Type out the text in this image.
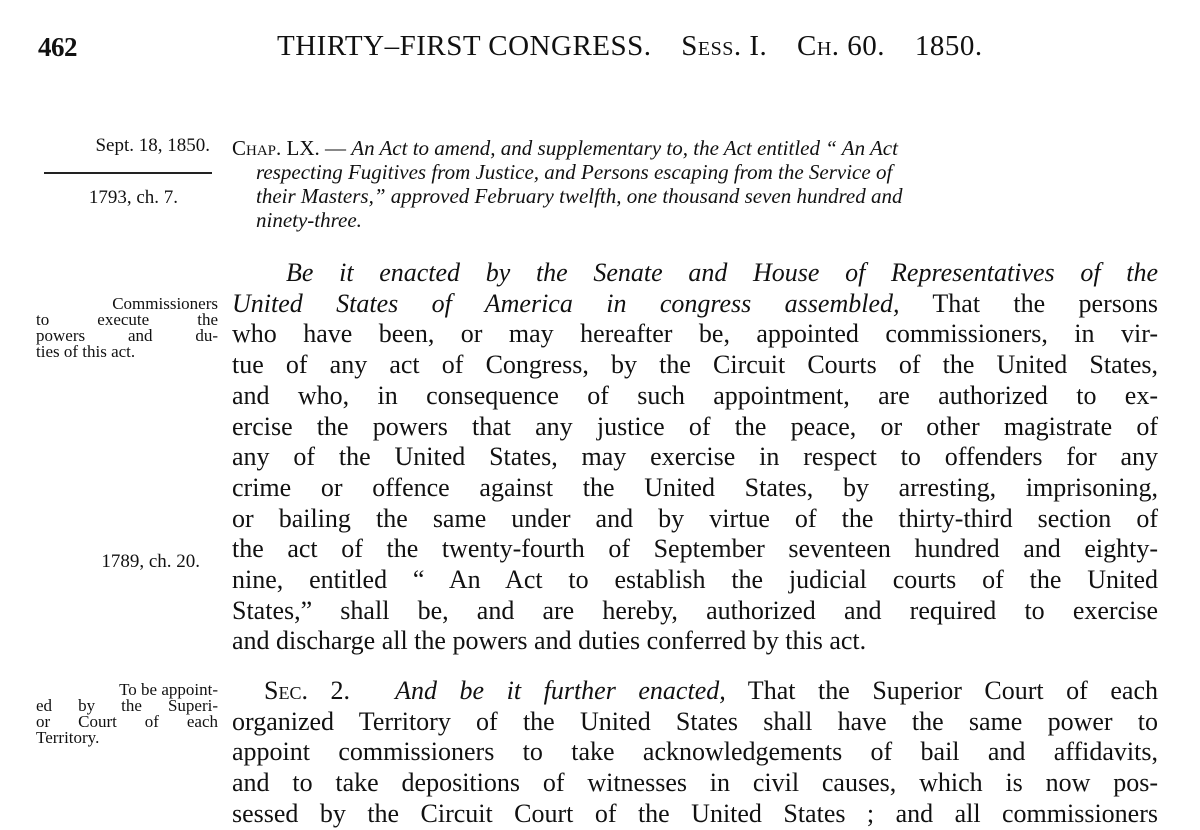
462	THIRTY–FIRST CONGRESS. Sess. I. Ch. 60. 1850.
Sept. 18, 1850.
1793, ch. 7.
Commissioners
to execute the
powers and du-
ties of this act.
1789, ch. 20.
To be appoint-
ed by the Superi-
or Court of each
Territory.
Chap. LX. — An Act to amend, and supplementary to, the Act entitled “ An Act
respecting Fugitives from Justice, and Persons escaping from the Service of
their Masters,” approved February twelfth, one thousand seven hundred and
ninety-three.
Be it enacted by the Senate and House of Representatives of the
United States of America in congress assembled, That the persons
who have been, or may hereafter be, appointed commissioners, in vir-
tue of any act of Congress, by the Circuit Courts of the United States,
and who, in consequence of such appointment, are authorized to ex-
ercise the powers that any justice of the peace, or other magistrate of
any of the United States, may exercise in respect to offenders for any
crime or offence against the United States, by arresting, imprisoning,
or bailing the same under and by virtue of the thirty-third section of
the act of the twenty-fourth of September seventeen hundred and eighty-
nine, entitled “ An Act to establish the judicial courts of the United
States,” shall be, and are hereby, authorized and required to exercise
and discharge all the powers and duties conferred by this act.
Sec. 2. And be it further enacted, That the Superior Court of each
organized Territory of the United States shall have the same power to
appoint commissioners to take acknowledgements of bail and affidavits,
and to take depositions of witnesses in civil causes, which is now pos-
sessed by the Circuit Court of the United States ; and all commissioners
